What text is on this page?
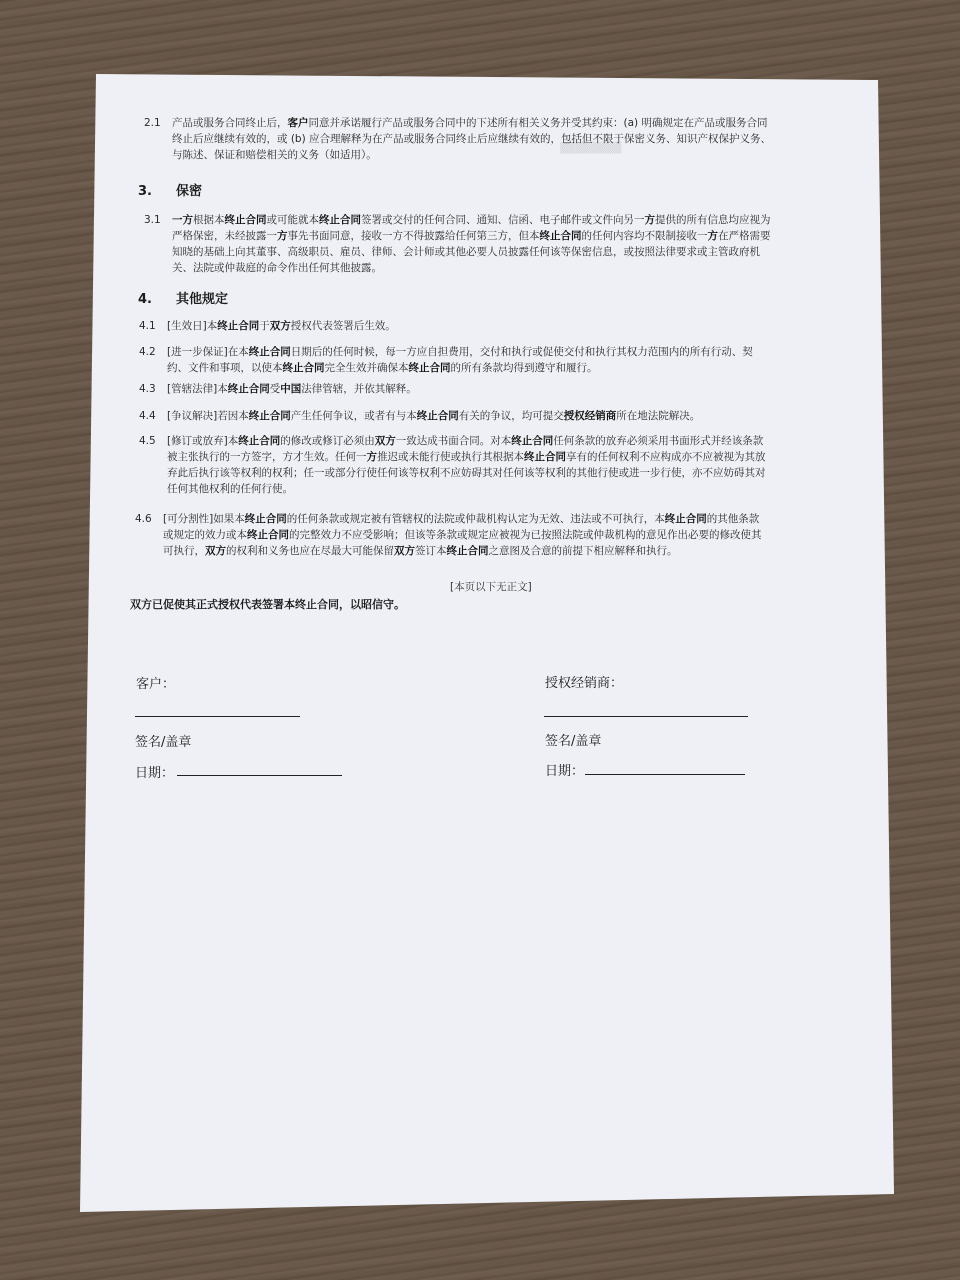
▒▒▒▒▒▒▒▒
2.1	产品或服务合同终止后，客户同意并承诺履行产品或服务合同中的下述所有相关义务并受其约束：(a) 明确规定在产品或服务合同
终止后应继续有效的，或 (b) 应合理解释为在产品或服务合同终止后应继续有效的，包括但不限于保密义务、知识产权保护义务、
与陈述、保证和赔偿相关的义务（如适用）。
3. 保密
3.1	一方根据本终止合同或可能就本终止合同签署或交付的任何合同、通知、信函、电子邮件或文件向另一方提供的所有信息均应视为
严格保密，未经披露一方事先书面同意，接收一方不得披露给任何第三方，但本终止合同的任何内容均不限制接收一方在严格需要
知晓的基础上向其董事、高级职员、雇员、律师、会计师或其他必要人员披露任何该等保密信息，或按照法律要求或主管政府机
关、法院或仲裁庭的命令作出任何其他披露。
4. 其他规定
4.1	[生效日]本终止合同于双方授权代表签署后生效。
4.2	[进一步保证]在本终止合同日期后的任何时候，每一方应自担费用，交付和执行或促使交付和执行其权力范围内的所有行动、契
约、文件和事项，以使本终止合同完全生效并确保本终止合同的所有条款均得到遵守和履行。
4.3	[管辖法律]本终止合同受中国法律管辖，并依其解释。
4.4	[争议解决]若因本终止合同产生任何争议，或者有与本终止合同有关的争议，均可提交授权经销商所在地法院解决。
4.5	[修订或放弃]本终止合同的修改或修订必须由双方一致达成书面合同。对本终止合同任何条款的放弃必须采用书面形式并经该条款
被主张执行的一方签字，方才生效。任何一方推迟或未能行使或执行其根据本终止合同享有的任何权利不应构成亦不应被视为其放
弃此后执行该等权利的权利；任一或部分行使任何该等权利不应妨碍其对任何该等权利的其他行使或进一步行使，亦不应妨碍其对
任何其他权利的任何行使。
4.6	[可分割性]如果本终止合同的任何条款或规定被有管辖权的法院或仲裁机构认定为无效、违法或不可执行，本终止合同的其他条款
或规定的效力或本终止合同的完整效力不应受影响；但该等条款或规定应被视为已按照法院或仲裁机构的意见作出必要的修改使其
可执行，双方的权利和义务也应在尽最大可能保留双方签订本终止合同之意图及合意的前提下相应解释和执行。
[本页以下无正文]
双方已促使其正式授权代表签署本终止合同，以昭信守。
客户：	授权经销商：
签名/盖章	签名/盖章
日期：	日期：
